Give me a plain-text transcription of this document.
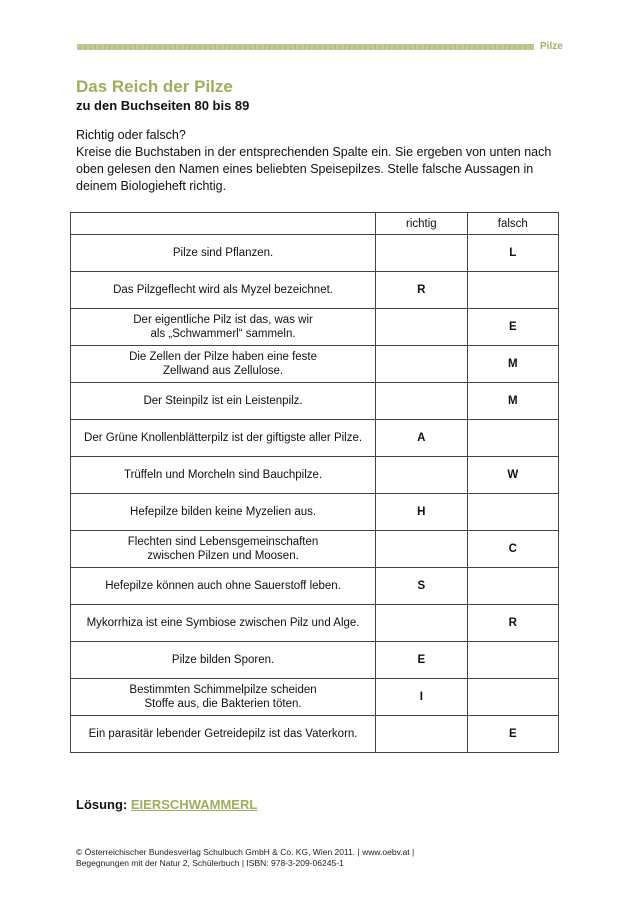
Pilze
Das Reich der Pilze
zu den Buchseiten 80 bis 89

Richtig oder falsch?

Kreise die Buchstaben in der entsprechenden Spalte ein. Sie ergeben von unten nach oben gelesen den Namen eines beliebten Speisepilzes. Stelle falsche Aussagen in deinem Biologieheft richtig.

	richtig	falsch
Pilze sind Pflanzen.		L
Das Pilzgeflecht wird als Myzel bezeichnet.	R	
Der eigentliche Pilz ist das, was wir als „Schwammerl“ sammeln.		E
Die Zellen der Pilze haben eine feste Zellwand aus Zellulose.		M
Der Steinpilz ist ein Leistenpilz.		M
Der Grüne Knollenblätterpilz ist der giftigste aller Pilze.	A	
Trüffeln und Morcheln sind Bauchpilze.		W
Hefepilze bilden keine Myzelien aus.	H	
Flechten sind Lebensgemeinschaften zwischen Pilzen und Moosen.		C
Hefepilze können auch ohne Sauerstoff leben.	S	
Mykorrhiza ist eine Symbiose zwischen Pilz und Alge.		R
Pilze bilden Sporen.	E	
Bestimmten Schimmelpilze scheiden Stoffe aus, die Bakterien töten.	I	
Ein parasitär lebender Getreidepilz ist das Vaterkorn.		E
Lösung: EIERSCHWAMMERL
© Österreichischer Bundesverlag Schulbuch GmbH & Co. KG, Wien 2011. | www.oebv.at |
Begegnungen mit der Natur 2, Schülerbuch | ISBN: 978-3-209-06245-1
